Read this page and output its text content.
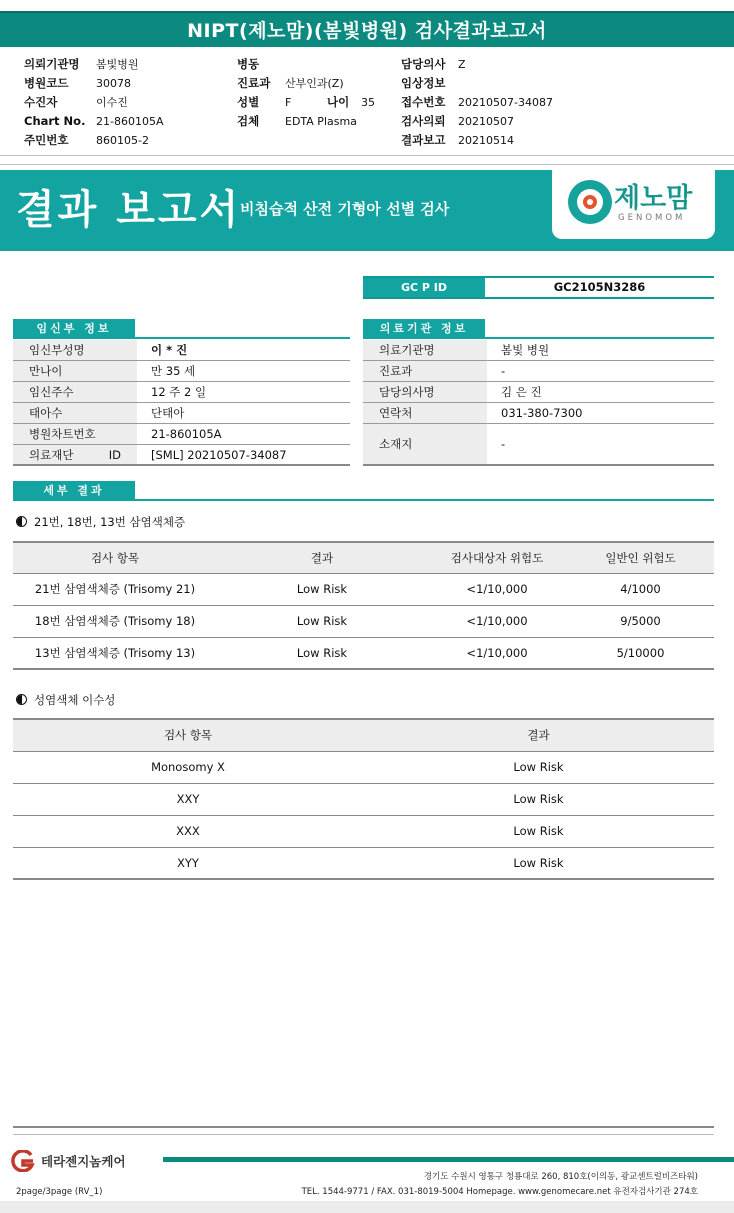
NIPT(제노맘)(봄빛병원) 검사결과보고서
의뢰기관명 봄빛병원
병원코드	30078
수진자	이수진
Chart No. 21-860105A
주민번호	860105-2
병동
진료과 산부인과(Z)
성별 F	나이 35
검체 EDTA Plasma
담당의사 Z
임상정보
접수번호 20210507-34087
검사의뢰 20210507
결과보고 20210514
결과 보고서
비침습적 산전 기형아 선별 검사	제노맘
GENOMOM
GC P ID	GC2105N3286
임신부 정보	의료기관 정보
임신부성명	이 * 진
만나이	만 35 세
임신주수	12 주 2 일
태아수	단태아
병원차트번호	21-860105A
의료재단 ID	[SML] 20210507-34087
의료기관명	봄빛 병원
진료과	-
담당의사명	김 은 진
연락처	031-380-7300
소재지	-
세부 결과
21번, 18번, 13번 삼염색체증
검사 항목	결과	검사대상자 위험도	일반인 위험도
21번 삼염색체증 (Trisomy 21)	Low Risk	<1/10,000	4/1000
18번 삼염색체증 (Trisomy 18)	Low Risk	<1/10,000	9/5000
13번 삼염색체증 (Trisomy 13)	Low Risk	<1/10,000	5/10000
성염색체 이수성
검사 항목	결과
Monosomy X	Low Risk
XXY	Low Risk
XXX	Low Risk
XYY	Low Risk
테라젠지놈케어
경기도 수원시 영통구 청룡대로 260, 810호(이의동, 광교센트럴비즈타워)
TEL. 1544-9771 / FAX. 031-8019-5004 Homepage. www.genomecare.net 유전자검사기관 274호
2page/3page (RV_1)
